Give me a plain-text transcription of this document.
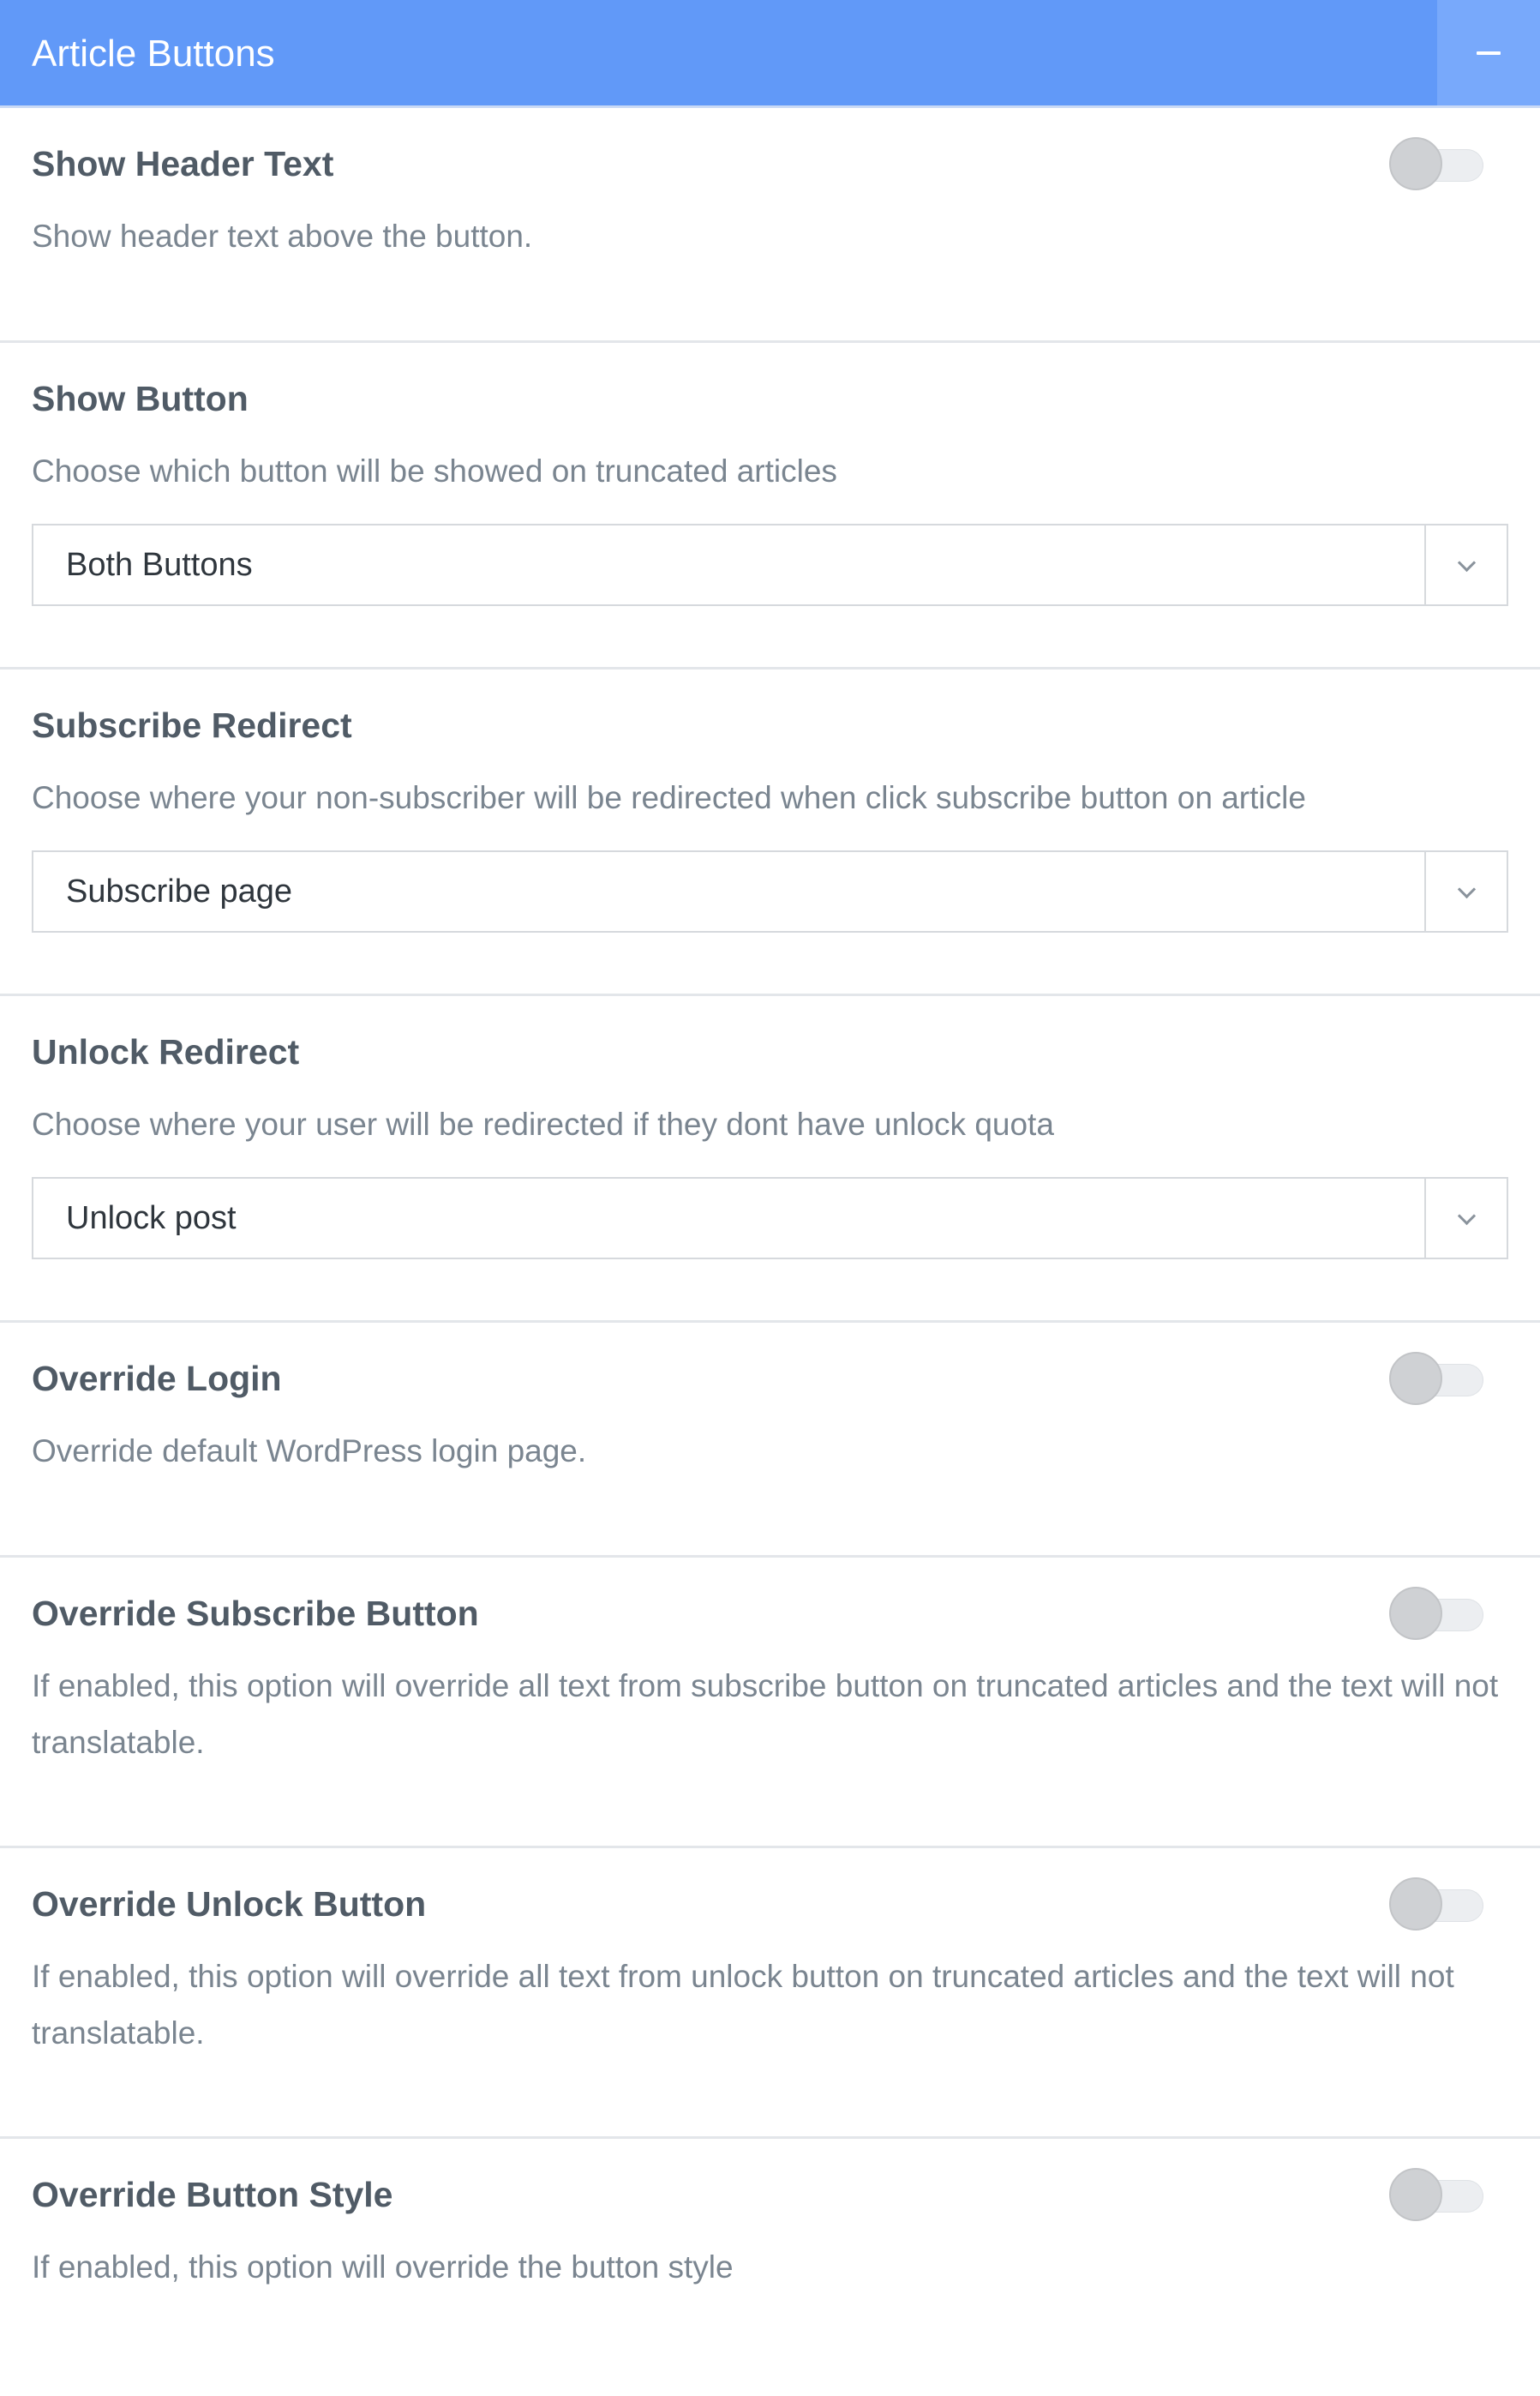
Article Buttons
Show Header Text
Show header text above the button.
Show Button
Choose which button will be showed on truncated articles
Both Buttons
Subscribe Redirect
Choose where your non-subscriber will be redirected when click subscribe button on article
Subscribe page
Unlock Redirect
Choose where your user will be redirected if they dont have unlock quota
Unlock post
Override Login
Override default WordPress login page.
Override Subscribe Button
If enabled, this option will override all text from subscribe button on truncated articles and the text will not translatable.
Override Unlock Button
If enabled, this option will override all text from unlock button on truncated articles and the text will not translatable.
Override Button Style
If enabled, this option will override the button style
